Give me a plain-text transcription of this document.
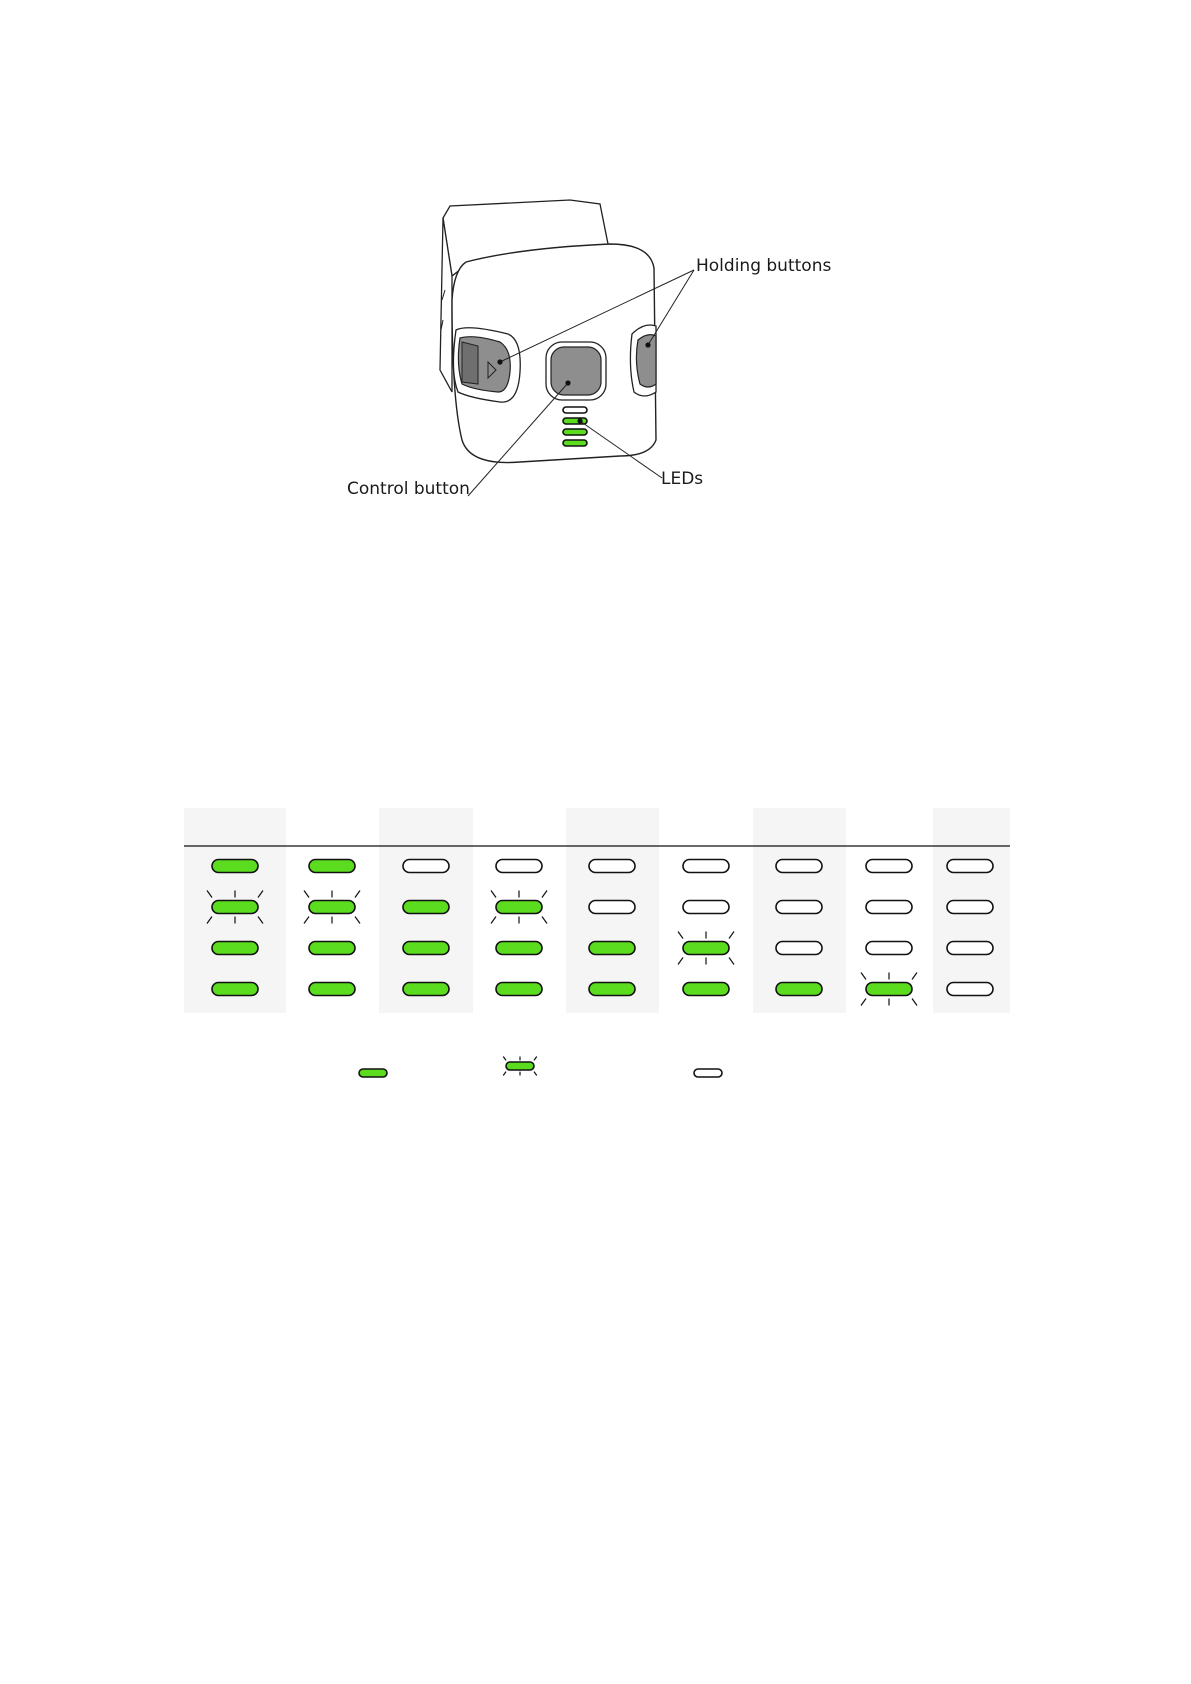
Holding buttons
Control button	LEDs
